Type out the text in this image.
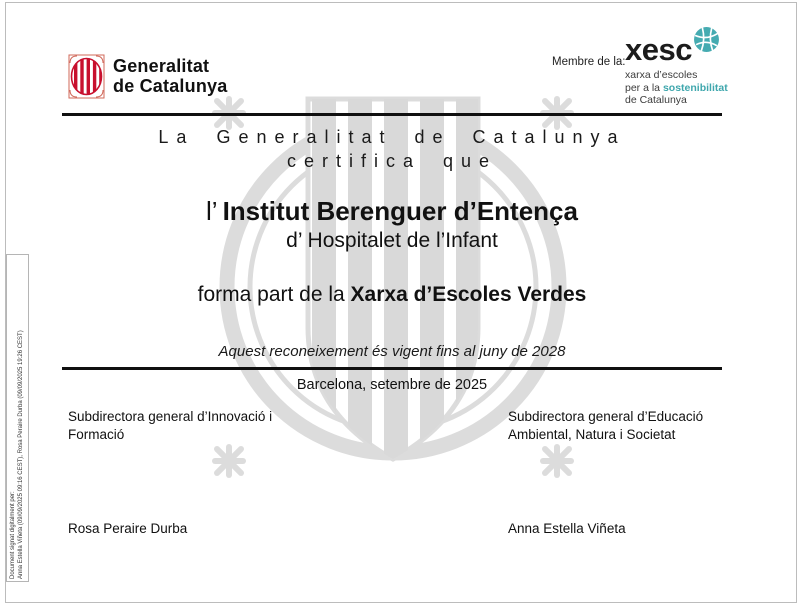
Generalitat
de Catalunya
Membre de la: xesc
xarxa d’escoles
per a la sostenibilitat
de Catalunya
La Generalitat de Catalunya
certifica que
l’ Institut Berenguer d’Entença
d’ Hospitalet de l’Infant
forma part de la Xarxa d’Escoles Verdes
Aquest reconeixement és vigent fins al juny de 2028
Barcelona, setembre de 2025
Subdirectora general d’Innovació i
Formació
Subdirectora general d’Educació
Ambiental, Natura i Societat
Rosa Peraire Durba	Anna Estella Viñeta
Document signat digitalment per: Anna Estella Viñeta (09/09/2025 09:16 CEST), Rosa Peraire Durba (09/09/2025 19:26 CEST)
